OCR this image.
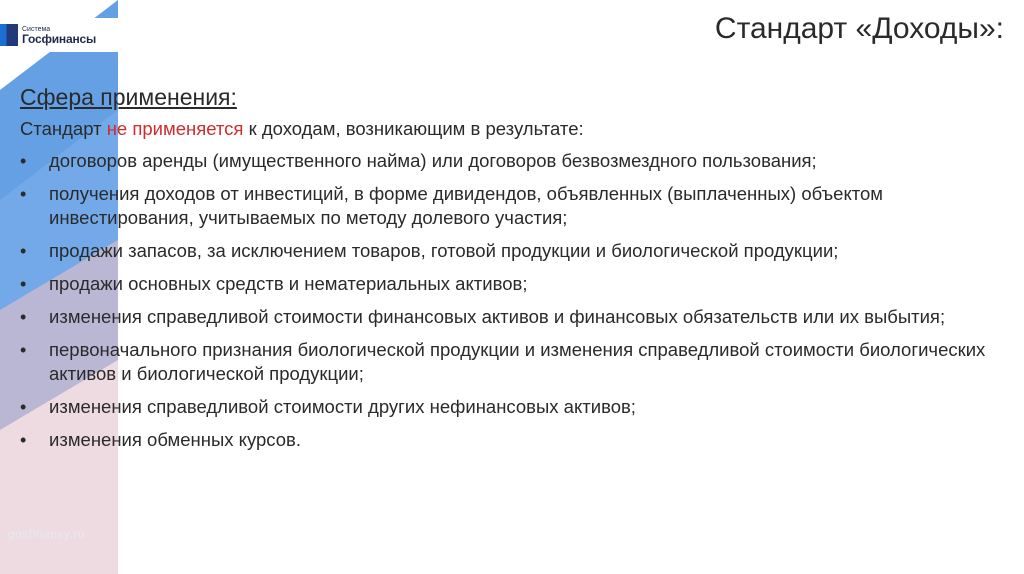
Система
Госфинансы
gosfinansy.ru
Стандарт «Доходы»:

Сфера применения:

Стандарт не применяется к доходам, возникающим в результате:

• договоров аренды (имущественного найма) или договоров безвозмездного пользования;
• получения доходов от инвестиций, в форме дивидендов, объявленных (выплаченных) объектом инвестирования, учитываемых по методу долевого участия;
• продажи запасов, за исключением товаров, готовой продукции и биологической продукции;
• продажи основных средств и нематериальных активов;
• изменения справедливой стоимости финансовых активов и финансовых обязательств или их выбытия;
• первоначального признания биологической продукции и изменения справедливой стоимости биологических активов и биологической продукции;
• изменения справедливой стоимости других нефинансовых активов;
• изменения обменных курсов.
